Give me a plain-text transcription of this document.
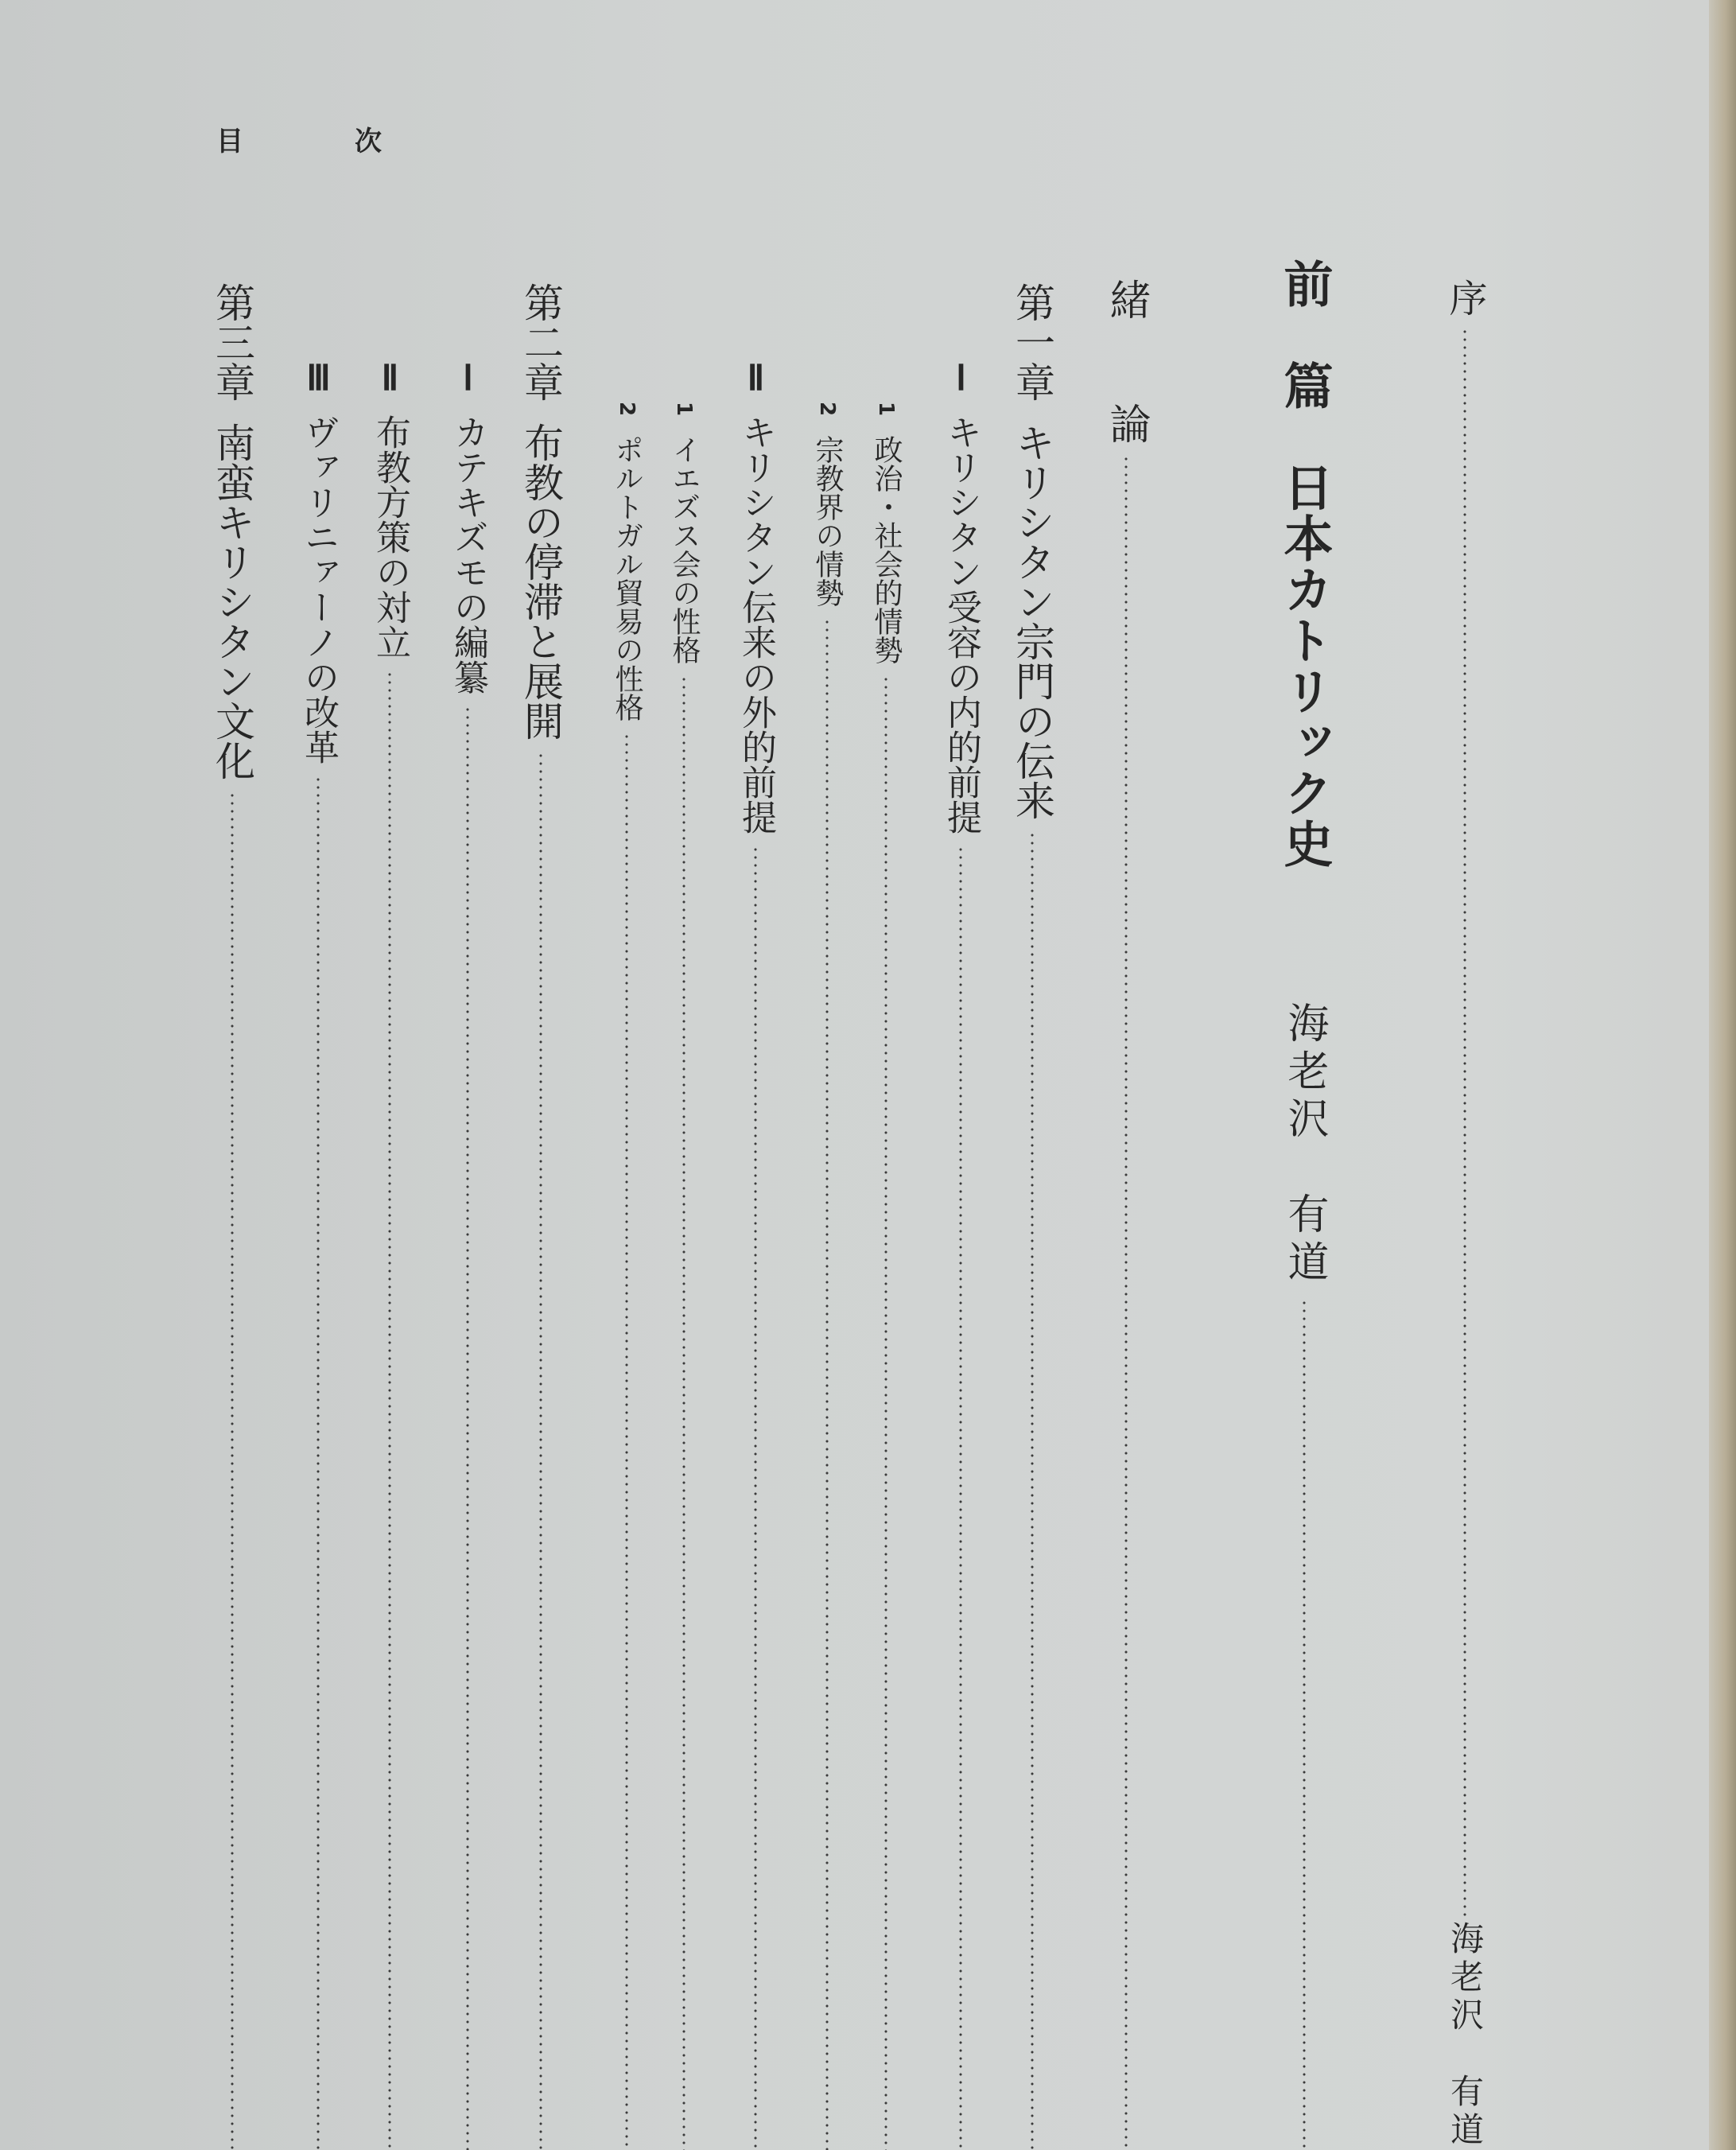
目	次
序
海老沢　有道
前　篇　日本カトリック史
海老沢　有道
緒　　論
第一章
キリシタン宗門の伝来
Ⅰ
キリシタン受容の内的前提
1
政治・社会的情勢
2
宗教界の情勢
Ⅱ
キリシタン伝来の外的前提
1
イエズス会の性格
2
ポルトガル貿易の性格
第二章
布教の停滞と展開
Ⅰ
カテキズモの編纂
Ⅱ
布教方策の対立
Ⅲ
ヴァリニァーノの改革
第三章
南蛮キリシタン文化
